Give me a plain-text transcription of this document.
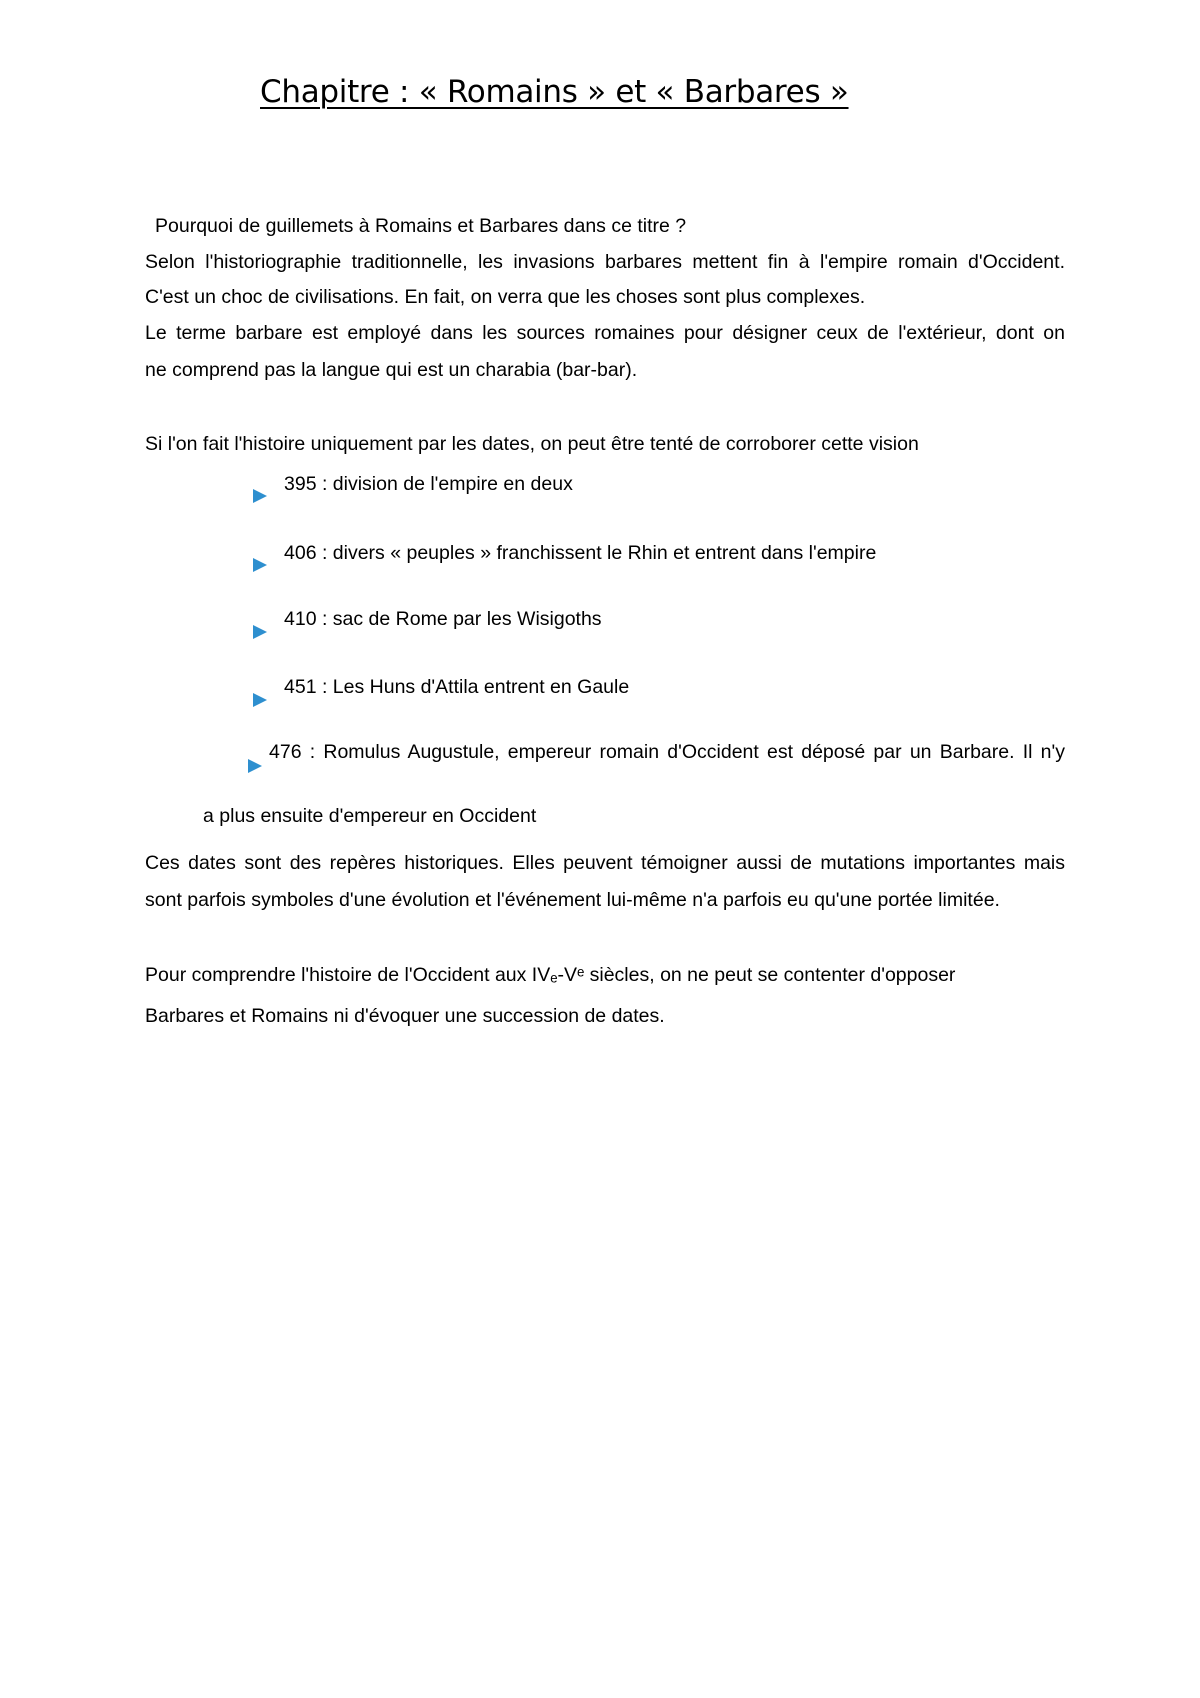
Chapitre : « Romains » et « Barbares »

Pourquoi de guillemets à Romains et Barbares dans ce titre ?

Selon l'historiographie traditionnelle, les invasions barbares mettent fin à l'empire romain d'Occident.

C'est un choc de civilisations. En fait, on verra que les choses sont plus complexes.

Le terme barbare est employé dans les sources romaines pour désigner ceux de l'extérieur, dont on

ne comprend pas la langue qui est un charabia (bar-bar).

Si l'on fait l'histoire uniquement par les dates, on peut être tenté de corroborer cette vision

395 : division de l'empire en deux
406 : divers « peuples » franchissent le Rhin et entrent dans l'empire
410 : sac de Rome par les Wisigoths
451 : Les Huns d'Attila entrent en Gaule
476 : Romulus Augustule, empereur romain d'Occident est déposé par un Barbare. Il n'y

a plus ensuite d'empereur en Occident

Ces dates sont des repères historiques. Elles peuvent témoigner aussi de mutations importantes mais

sont parfois symboles d'une évolution et l'événement lui-même n'a parfois eu qu'une portée limitée.

Pour comprendre l'histoire de l'Occident aux IVₑ-Vᵉ siècles, on ne peut se contenter d'opposer

Barbares et Romains ni d'évoquer une succession de dates.
